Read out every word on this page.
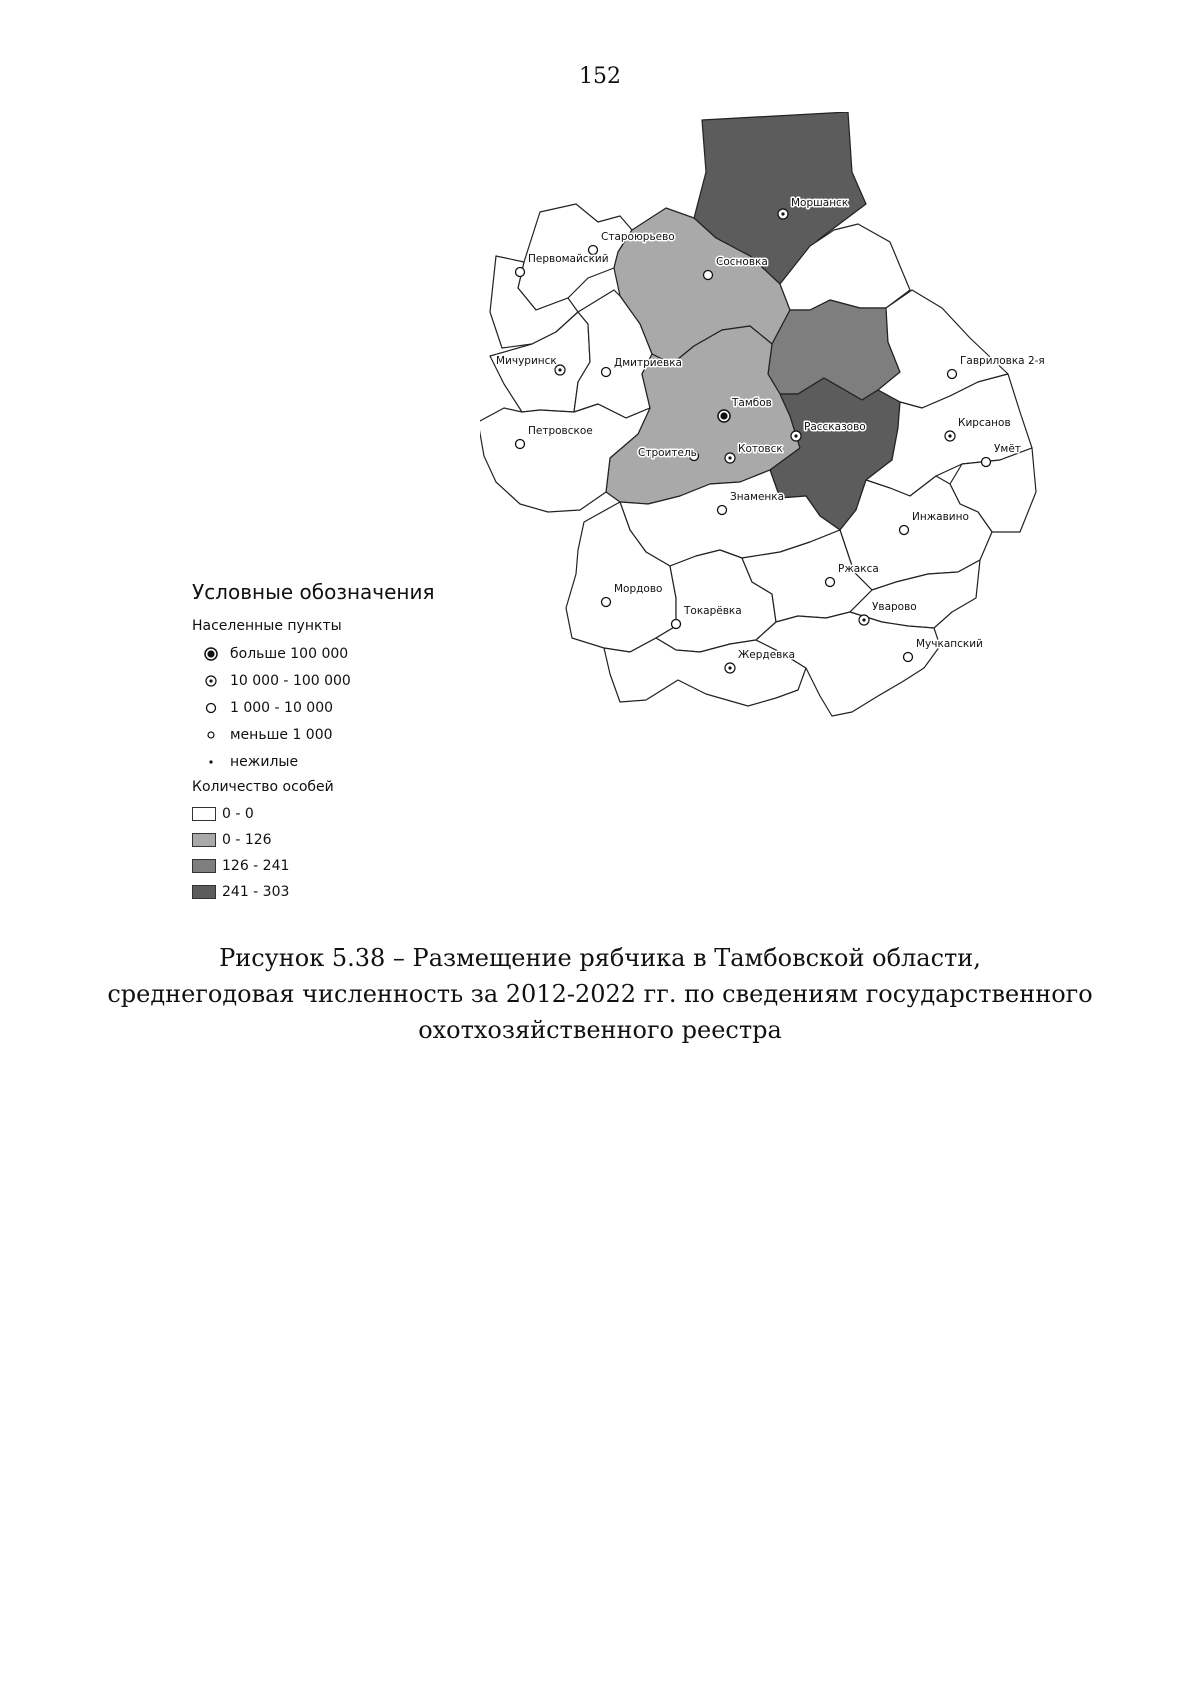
152
Моршанск
Староюрьево
Первомайский	Сосновка
Мичуринск	Дмитриевка	Гавриловка 2-я
Тамбов
Петровское	Рассказово	Кирсанов
Строитель	Котовск	Умёт
Знаменка
Инжавино
Ржакса
Мордово
Токарёвка	Уварово
Мучкапский
Жердевка
Условные обозначения
Населенные пункты
больше 100 000
10 000 - 100 000
1 000 - 10 000
меньше 1 000
нежилые
Количество особей
0 - 0
0 - 126
126 - 241
241 - 303
Рисунок 5.38 – Размещение рябчика в Тамбовской области,
среднегодовая численность за 2012-2022 гг. по сведениям государственного
охотхозяйственного реестра
